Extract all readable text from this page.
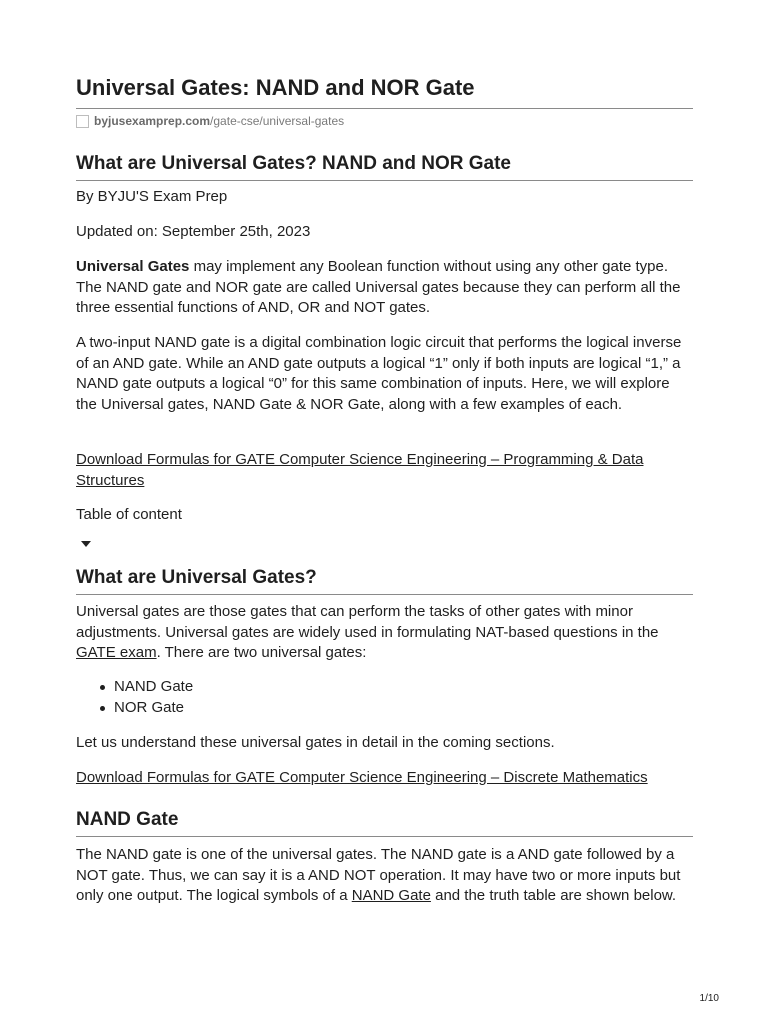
Universal Gates: NAND and NOR Gate
byjusexamprep.com /gate-cse/universal-gates
What are Universal Gates? NAND and NOR Gate

By BYJU'S Exam Prep

Updated on: September 25th, 2023

Universal Gates may implement any Boolean function without using any other gate type. The NAND gate and NOR gate are called Universal gates because they can perform all the three essential functions of AND, OR and NOT gates.

A two-input NAND gate is a digital combination logic circuit that performs the logical inverse of an AND gate. While an AND gate outputs a logical “1” only if both inputs are logical “1,” a NAND gate outputs a logical “0” for this same combination of inputs. Here, we will explore the Universal gates, NAND Gate & NOR Gate, along with a few examples of each.

Download Formulas for GATE Computer Science Engineering – Programming & Data Structures

Table of content

What are Universal Gates?

Universal gates are those gates that can perform the tasks of other gates with minor adjustments. Universal gates are widely used in formulating NAT-based questions in the GATE exam. There are two universal gates:

NAND Gate
NOR Gate

Let us understand these universal gates in detail in the coming sections.

Download Formulas for GATE Computer Science Engineering – Discrete Mathematics

NAND Gate

The NAND gate is one of the universal gates. The NAND gate is a AND gate followed by a NOT gate. Thus, we can say it is a AND NOT operation. It may have two or more inputs but only one output. The logical symbols of a NAND Gate and the truth table are shown below.

1/10
